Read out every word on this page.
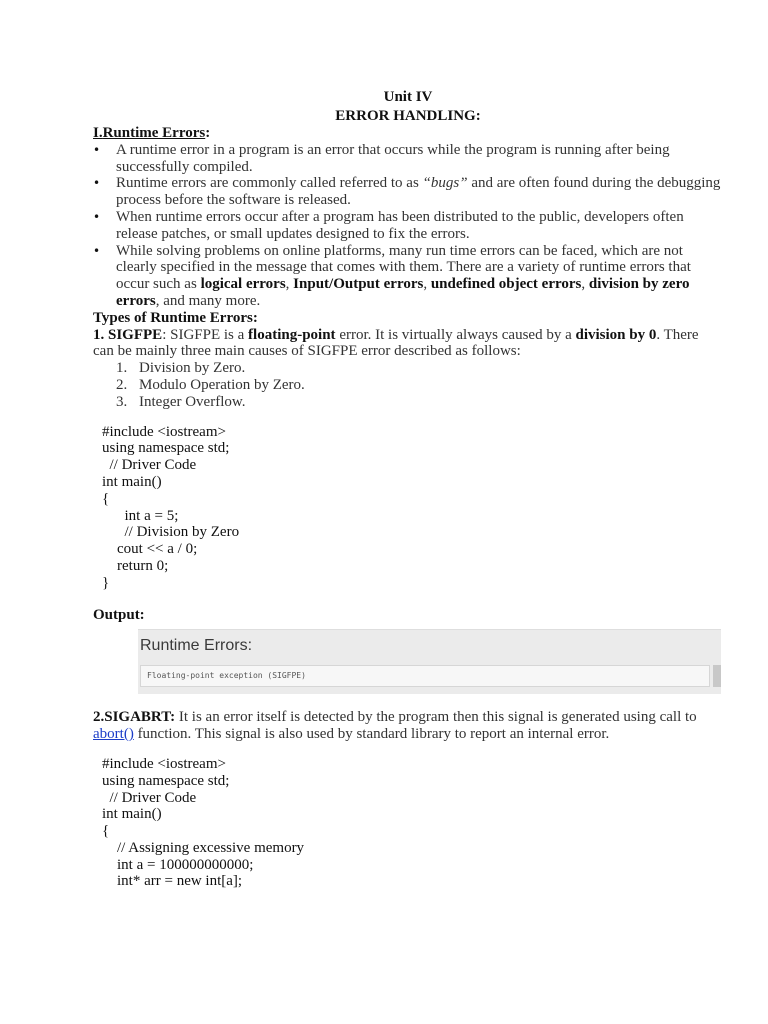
Unit IV

ERROR HANDLING:

I.Runtime Errors:

• A runtime error in a program is an error that occurs while the program is running after being successfully compiled.
• Runtime errors are commonly called referred to as “bugs” and are often found during the debugging process before the software is released.
• When runtime errors occur after a program has been distributed to the public, developers often release patches, or small updates designed to fix the errors.
• While solving problems on online platforms, many run time errors can be faced, which are not clearly specified in the message that comes with them. There are a variety of runtime errors that occur such as logical errors, Input/Output errors, undefined object errors, division by zero errors, and many more.

Types of Runtime Errors:

1. SIGFPE: SIGFPE is a floating-point error. It is virtually always caused by a division by 0. There can be mainly three main causes of SIGFPE error described as follows:

1. Division by Zero.
2. Modulo Operation by Zero.
3. Integer Overflow.
#include <iostream>
using namespace std;
// Driver Code
int main()
{
int a = 5;
// Division by Zero
cout << a / 0;
return 0;
}

Output:

Runtime Errors:
Floating-point exception (SIGFPE)

2.SIGABRT: It is an error itself is detected by the program then this signal is generated using call to abort() function. This signal is also used by standard library to report an internal error.

#include <iostream>
using namespace std;
// Driver Code
int main()
{
// Assigning excessive memory
int a = 100000000000;
int* arr = new int[a];
